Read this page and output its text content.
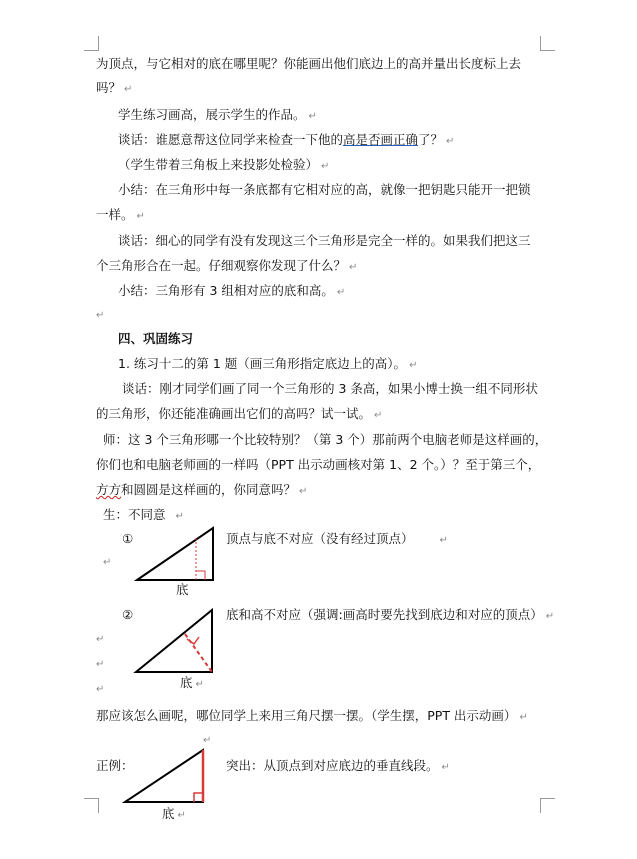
为顶点，与它相对的底在哪里呢？你能画出他们底边上的高并量出长度标上去
吗？ ↵
学生练习画高，展示学生的作品。 ↵
谈话：谁愿意帮这位同学来检查一下他的高是否画正确了？ ↵
（学生带着三角板上来投影处检验） ↵
小结：在三角形中每一条底都有它相对应的高，就像一把钥匙只能开一把锁
一样。 ↵
谈话：细心的同学有没有发现这三个三角形是完全一样的。如果我们把这三
个三角形合在一起。仔细观察你发现了什么？ ↵
小结：三角形有 3 组相对应的底和高。 ↵
↵
四、巩固练习
1. 练习十二的第 1 题（画三角形指定底边上的高）。 ↵
谈话：刚才同学们画了同一个三角形的 3 条高，如果小博士换一组不同形状
的三角形，你还能准确画出它们的高吗？试一试。 ↵
师：这 3 个三角形哪一个比较特别？（第 3 个）那前两个电脑老师是这样画的，
你们也和电脑老师画的一样吗（PPT 出示动画核对第 1、2 个。）？至于第三个，
方方和圆圆是这样画的，你同意吗？ ↵
生：不同意 ↵
①	顶点与底不对应（没有经过顶点）	↵
↵
底
②	底和高不对应（强调:画高时要先找到底边和对应的顶点） ↵
↵
↵
底 ↵
↵
那应该怎么画呢，哪位同学上来用三角尺摆一摆。（学生摆，PPT 出示动画） ↵
↵
正例：	突出：从顶点到对应底边的垂直线段。 ↵
底 ↵
